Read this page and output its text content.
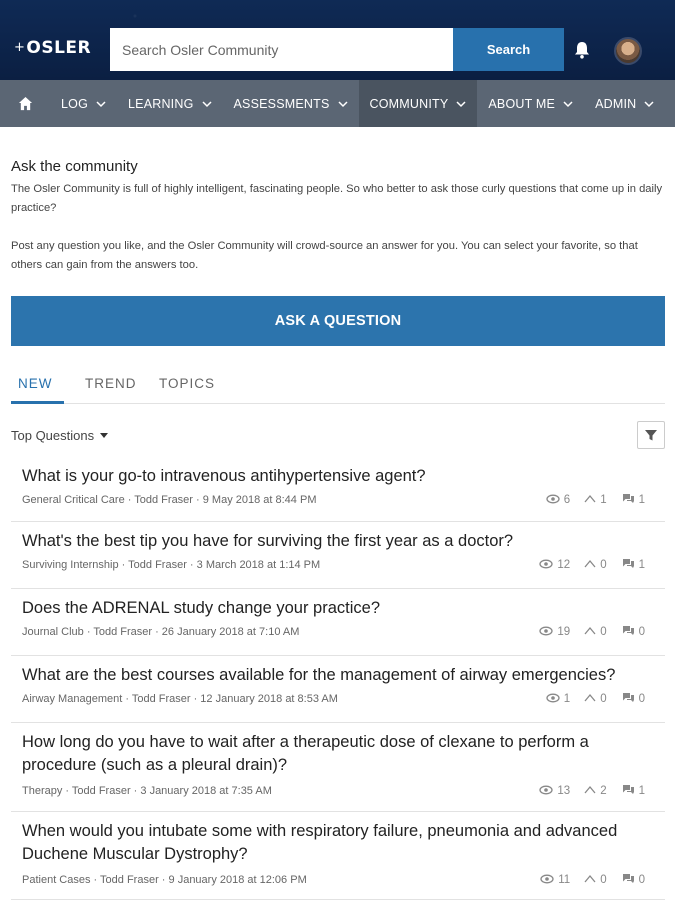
+OSLER
Search Osler Community	Search
LOG	LEARNING	ASSESSMENTS	COMMUNITY	ABOUT ME	ADMIN
Ask the community
The Osler Community is full of highly intelligent, fascinating people. So who better to ask those curly questions that come up in daily practice?
Post any question you like, and the Osler Community will crowd-source an answer for you. You can select your favorite, so that others can gain from the answers too.
ASK A QUESTION
NEW TREND TOPICS
Top Questions
What is your go-to intravenous antihypertensive agent?
General Critical Care · Todd Fraser · 9 May 2018 at 8:44 PM	6	1	1
What's the best tip you have for surviving the first year as a doctor?
Surviving Internship · Todd Fraser · 3 March 2018 at 1:14 PM	12	0	1
Does the ADRENAL study change your practice?
Journal Club · Todd Fraser · 26 January 2018 at 7:10 AM	19	0	0
What are the best courses available for the management of airway emergencies?
Airway Management · Todd Fraser · 12 January 2018 at 8:53 AM	1	0	0
How long do you have to wait after a therapeutic dose of clexane to perform a procedure (such as a pleural drain)?
Therapy · Todd Fraser · 3 January 2018 at 7:35 AM	13	2	1
When would you intubate some with respiratory failure, pneumonia and advanced Duchene Muscular Dystrophy?
Patient Cases · Todd Fraser · 9 January 2018 at 12:06 PM	11	0	0
